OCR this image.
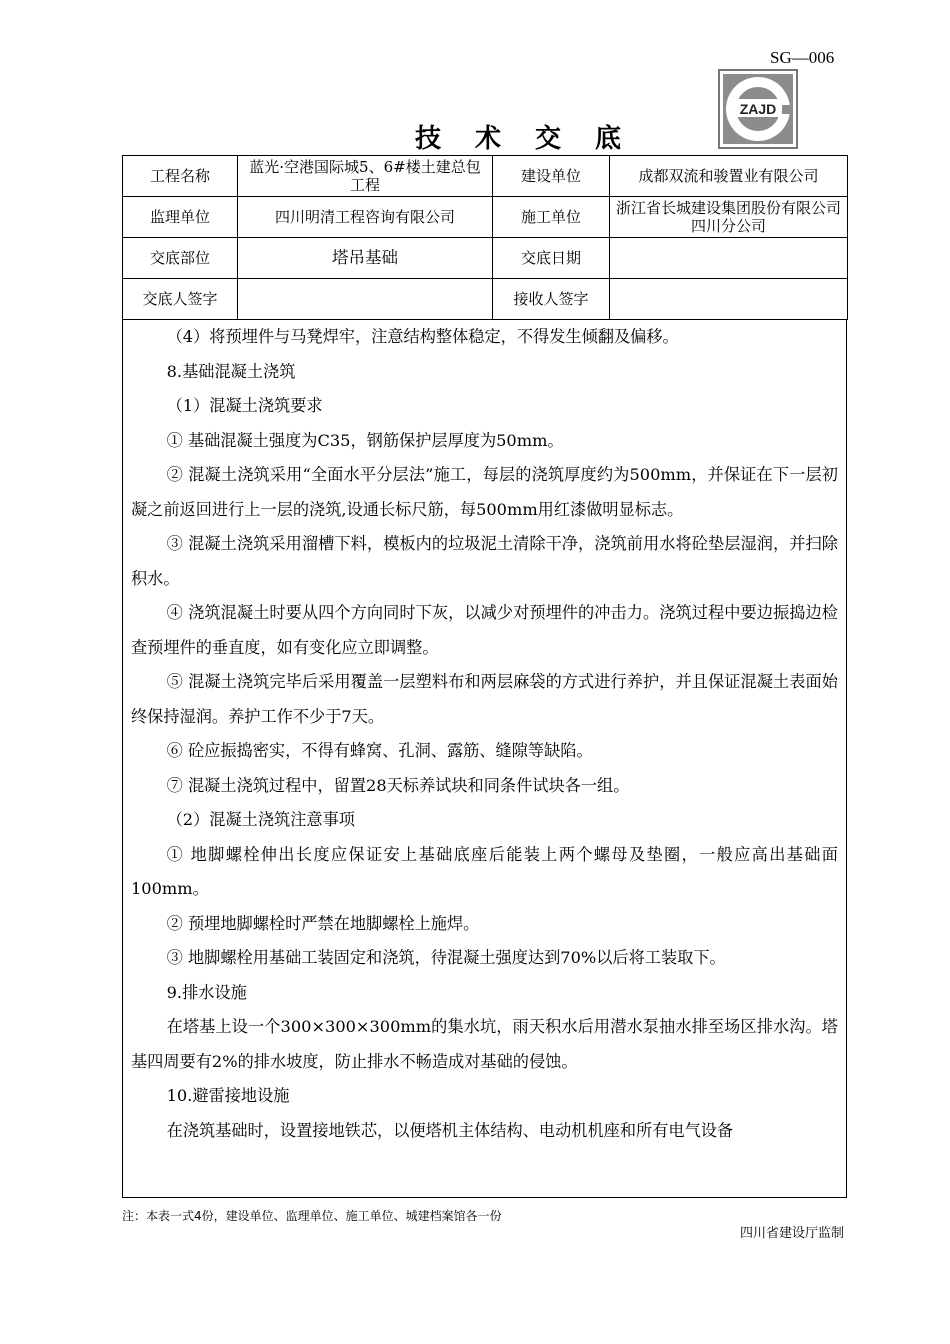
SG—006
ZAJD
技术交底
工程名称	蓝光·空港国际城5、6#楼土建总包工程	建设单位	成都双流和骏置业有限公司
监理单位	四川明清工程咨询有限公司	施工单位	浙江省长城建设集团股份有限公司四川分公司
交底部位	塔吊基础	交底日期	
交底人签字		接收人签字	

（4）将预埋件与马凳焊牢，注意结构整体稳定，不得发生倾翻及偏移。

8.基础混凝土浇筑

（1）混凝土浇筑要求

① 基础混凝土强度为C35，钢筋保护层厚度为50mm。

② 混凝土浇筑采用“全面水平分层法”施工，每层的浇筑厚度约为500mm，并保证在下一层初凝之前返回进行上一层的浇筑,设通长标尺筋，每500mm用红漆做明显标志。

③ 混凝土浇筑采用溜槽下料，模板内的垃圾泥土清除干净，浇筑前用水将砼垫层湿润，并扫除积水。

④ 浇筑混凝土时要从四个方向同时下灰，以减少对预埋件的冲击力。浇筑过程中要边振捣边检查预埋件的垂直度，如有变化应立即调整。

⑤ 混凝土浇筑完毕后采用覆盖一层塑料布和两层麻袋的方式进行养护，并且保证混凝土表面始终保持湿润。养护工作不少于7天。

⑥ 砼应振捣密实，不得有蜂窝、孔洞、露筋、缝隙等缺陷。

⑦ 混凝土浇筑过程中，留置28天标养试块和同条件试块各一组。

（2）混凝土浇筑注意事项

① 地脚螺栓伸出长度应保证安上基础底座后能装上两个螺母及垫圈，一般应高出基础面100mm。

② 预埋地脚螺栓时严禁在地脚螺栓上施焊。

③ 地脚螺栓用基础工装固定和浇筑，待混凝土强度达到70%以后将工装取下。

9.排水设施

在塔基上设一个300×300×300mm的集水坑，雨天积水后用潜水泵抽水排至场区排水沟。塔基四周要有2%的排水坡度，防止排水不畅造成对基础的侵蚀。

10.避雷接地设施

在浇筑基础时，设置接地铁芯，以便塔机主体结构、电动机机座和所有电气设备

注：本表一式4份，建设单位、监理单位、施工单位、城建档案馆各一份
四川省建设厅监制
